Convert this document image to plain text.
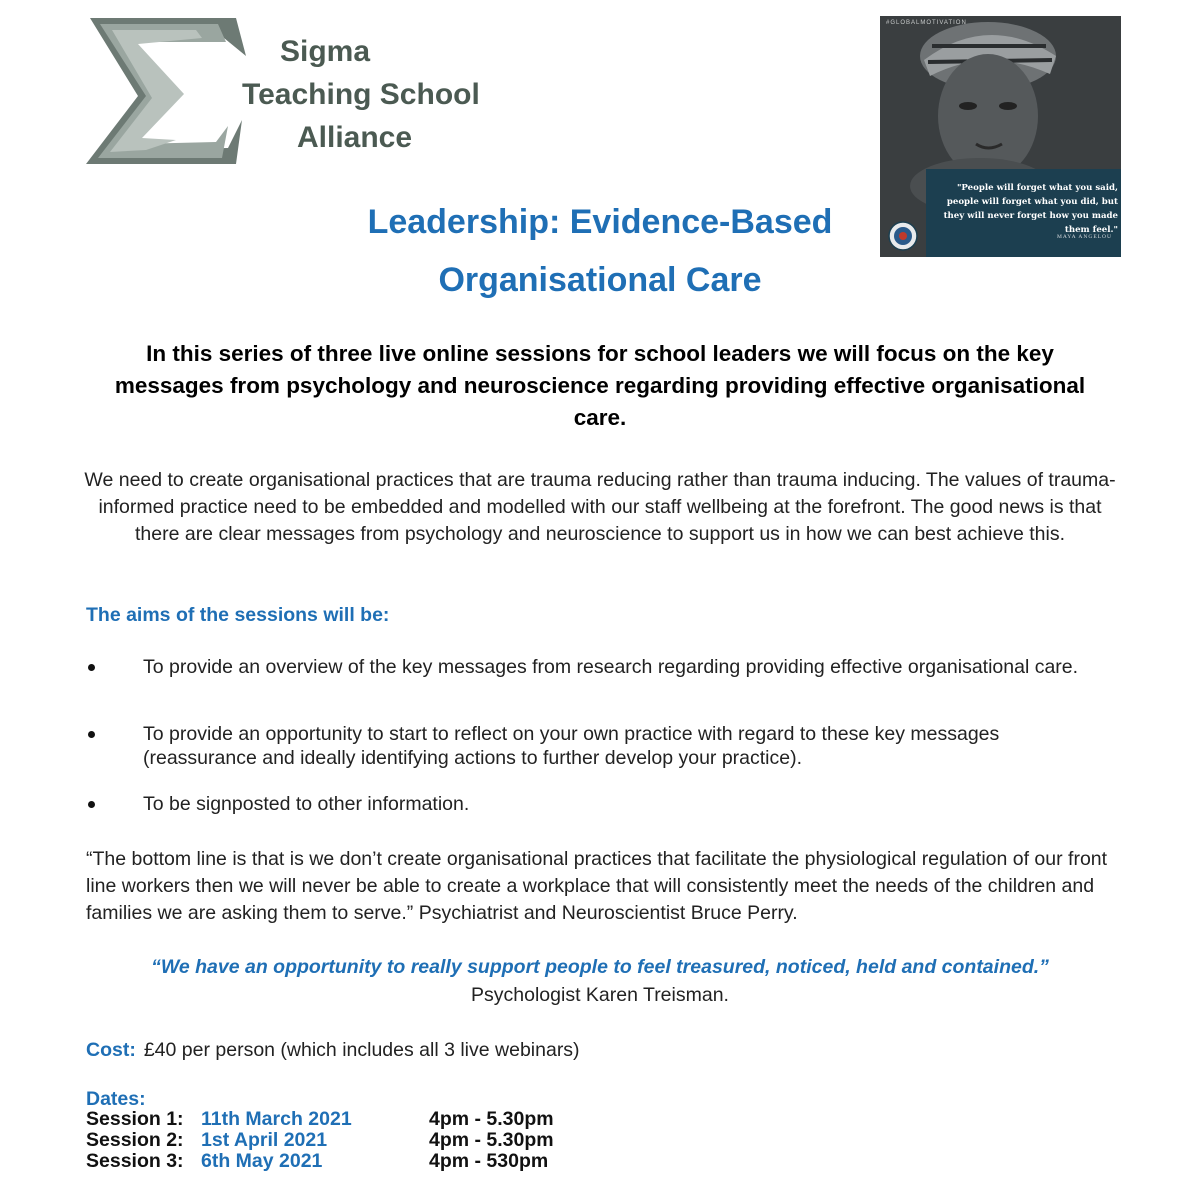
Sigma
Teaching School
Alliance
#GLOBALMOTIVATION
"People will forget what you said, people will forget what you did, but they will never forget how you made them feel."
MAYA ANGELOU
Leadership: Evidence-Based
Organisational Care
In this series of three live online sessions for school leaders we will focus on the key messages from psychology and neuroscience regarding providing effective organisational care.
We need to create organisational practices that are trauma reducing rather than trauma inducing. The values of trauma-informed practice need to be embedded and modelled with our staff wellbeing at the forefront. The good news is that there are clear messages from psychology and neuroscience to support us in how we can best achieve this.
The aims of the sessions will be:
To provide an overview of the key messages from research regarding providing effective organisational care.
To provide an opportunity to start to reflect on your own practice with regard to these key messages (reassurance and ideally identifying actions to further develop your practice).
To be signposted to other information.
“The bottom line is that is we don’t create organisational practices that facilitate the physiological regulation of our front line workers then we will never be able to create a workplace that will consistently meet the needs of the children and families we are asking them to serve.” Psychiatrist and Neuroscientist Bruce Perry.
“We have an opportunity to really support people to feel treasured, noticed, held and contained.”
Psychologist Karen Treisman.
Cost: £40 per person (which includes all 3 live webinars)
Dates:
Session 1: 11th March 2021	4pm - 5.30pm
Session 2: 1st April 2021	4pm - 5.30pm
Session 3: 6th May 2021	4pm - 530pm
